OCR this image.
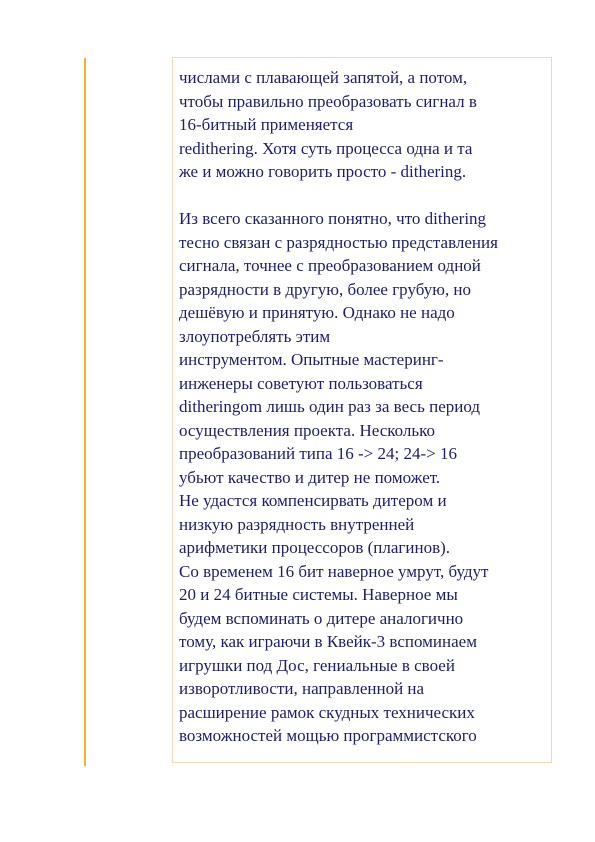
числами с плавающей запятой, а потом,
чтобы правильно преобразовать сигнал в
16-битный применяется
redithering. Хотя суть процесса одна и та
же и можно говорить просто - dithering.
Из всего сказанного понятно, что dithering
тесно связан с разрядностью представления
сигнала, точнее с преобразованием одной
разрядности в другую, более грубую, но
дешёвую и принятую. Однако не надо
злоупотреблять этим
инструментом. Опытные мастеринг-
инженеры советуют пользоваться
ditheringom лишь один раз за весь период
осуществления проекта. Несколько
преобразований типа 16 -> 24; 24-> 16
убьют качество и дитер не поможет.
Не удастся компенсирвать дитером и
низкую разрядность внутренней
арифметики процессоров (плагинов).
Со временем 16 бит наверное умрут, будут
20 и 24 битные системы. Наверное мы
будем вспоминать о дитере аналогично
тому, как играючи в Квейк-3 вспоминаем
игрушки под Дос, гениальные в своей
изворотливости, направленной на
расширение рамок скудных технических
возможностей мощью программистского
